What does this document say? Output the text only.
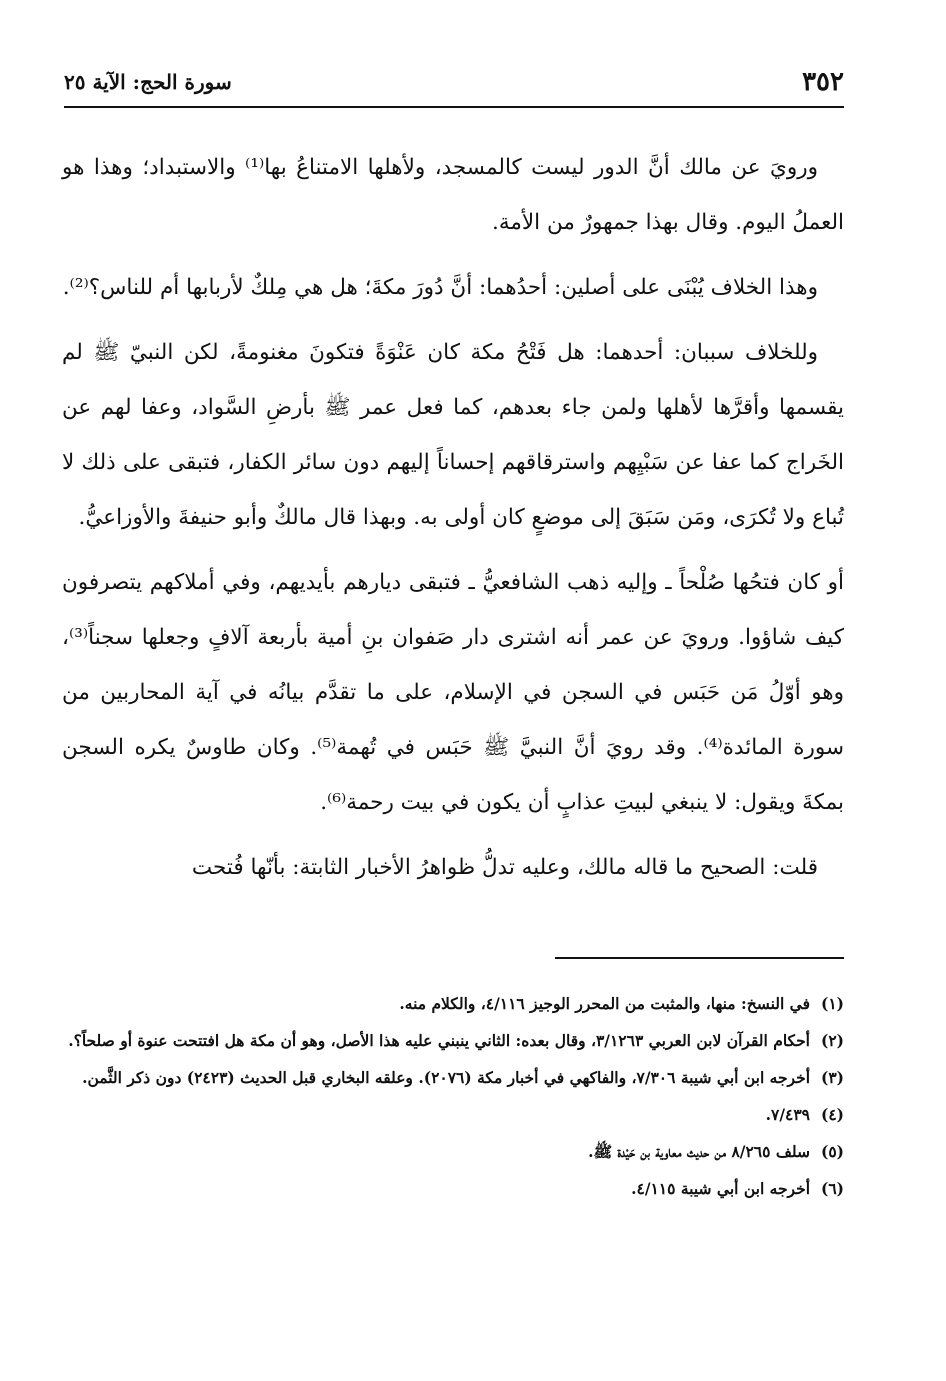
٣٥٢
سورة الحج: الآية ٢٥

ورويَ عن مالك أنَّ الدور ليست كالمسجد، ولأهلها الامتناعُ بها⁽¹⁾ والاستبداد؛ وهذا هو العملُ اليوم. وقال بهذا جمهورٌ من الأمة.

وهذا الخلاف يُبْنَى على أصلين: أحدُهما: أنَّ دُورَ مكةَ؛ هل هي مِلكٌ لأربابها أم للناس؟⁽²⁾.

وللخلاف سببان: أحدهما: هل فَتْحُ مكة كان عَنْوَةً فتكونَ مغنومةً، لكن النبيّ ﷺ لم يقسمها وأقرَّها لأهلها ولمن جاء بعدهم، كما فعل عمر ﷺ بأرضِ السَّواد، وعفا لهم عن الخَراج كما عفا عن سَبْيِهم واسترقاقهم إحساناً إليهم دون سائر الكفار، فتبقى على ذلك لا تُباع ولا تُكرَى، ومَن سَبَقَ إلى موضعٍ كان أولى به. وبهذا قال مالكٌ وأبو حنيفةَ والأوزاعيُّ.

أو كان فتحُها صُلْحاً ـ وإليه ذهب الشافعيُّ ـ فتبقى ديارهم بأيديهم، وفي أملاكهم يتصرفون كيف شاؤوا. ورويَ عن عمر أنه اشترى دار صَفوان بنِ أمية بأربعة آلافٍ وجعلها سجناً⁽³⁾، وهو أوّلُ مَن حَبَس في السجن في الإسلام، على ما تقدَّم بيانُه في آية المحاربين من سورة المائدة⁽⁴⁾. وقد رويَ أنَّ النبيَّ ﷺ حَبَس في تُهمة⁽⁵⁾. وكان طاوسٌ يكره السجن بمكةَ ويقول: لا ينبغي لبيتِ عذابٍ أن يكون في بيت رحمة⁽⁶⁾.

قلت: الصحيح ما قاله مالك، وعليه تدلُّ ظواهرُ الأخبار الثابتة: بأنّها فُتحت

(١)
في النسخ: منها، والمثبت من المحرر الوجيز ٤/١١٦، والكلام منه.
(٢)
أحكام القرآن لابن العربي ٣/١٢٦٣، وقال بعده: الثاني ينبني عليه هذا الأصل، وهو أن مكة هل افتتحت عنوة أو صلحاً؟.
(٣)
أخرجه ابن أبي شيبة ٧/٣٠٦، والفاكهي في أخبار مكة (٢٠٧٦). وعلقه البخاري قبل الحديث (٢٤٢٣) دون ذكر الثَّمن.
(٤)
٧/٤٣٩.
(٥)
سلف ٨/٢٦٥ من حديث معاوية بن حَيْدة ﷺ.
(٦)
أخرجه ابن أبي شيبة ٤/١١٥.
